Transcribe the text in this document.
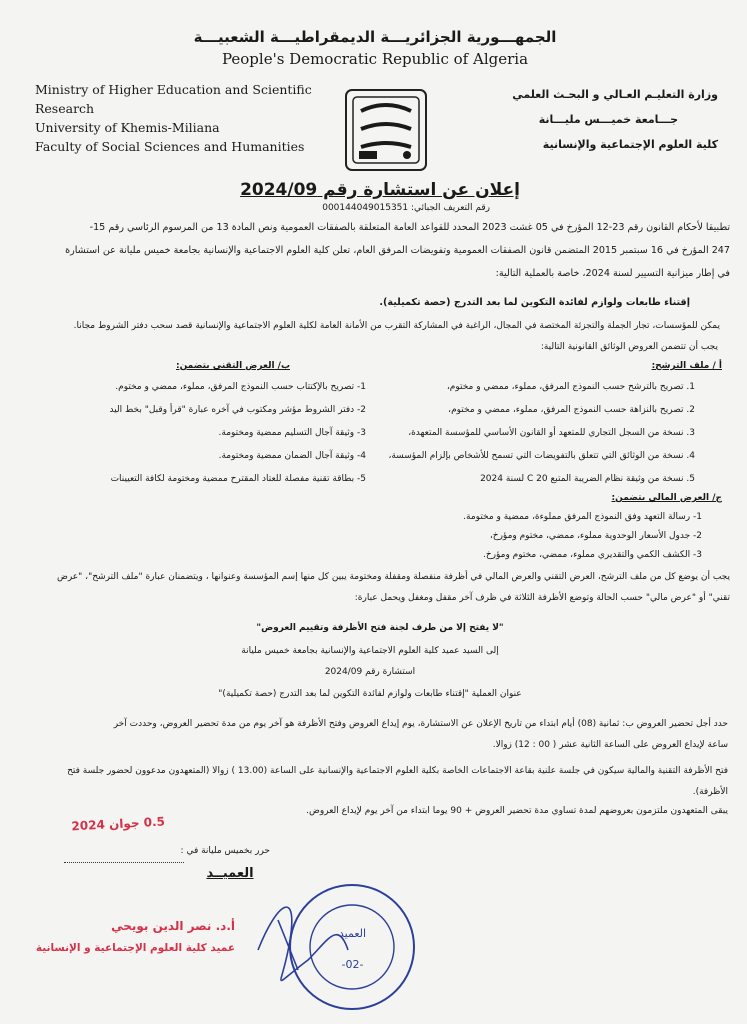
الجمهـــورية الجزائريـــة الديمقراطيـــة الشعبيـــة
People's Democratic Republic of Algeria
Ministry of Higher Education and Scientific
Research
University of Khemis-Miliana
Faculty of Social Sciences and Humanities
وزارة التعليـم العـالي و البحـث العلمي
جـــامعة خميـــس مليـــانة
كلية العلوم الإجتماعية والإنسانية
إعلان عن استشارة رقم 2024/09
رقم التعريف الجبائي: 000144049015351
تطبيقا لأحكام القانون رقم 23-12 المؤرخ في 05 غشت 2023 المحدد للقواعد العامة المتعلقة بالصفقات العمومية ونص المادة 13 من المرسوم الرئاسي رقم 15-
247 المؤرخ في 16 سبتمبر 2015 المتضمن قانون الصفقات العمومية وتفويضات المرفق العام، تعلن كلية العلوم الاجتماعية والإنسانية بجامعة خميس مليانة عن استشارة
في إطار ميزانية التسيير لسنة 2024، خاصة بالعملية التالية:
إقتناء طابعات ولوازم لفائدة التكوين لما بعد التدرج (حصة تكميلية).
يمكن للمؤسسات، تجار الجملة والتجزئة المختصة في المجال، الراغبة في المشاركة التقرب من الأمانة العامة لكلية العلوم الاجتماعية والإنسانية قصد سحب دفتر الشروط مجانا.
يجب أن تتضمن العروض الوثائق القانونية التالية:
أ / ملف الترشح:
1. تصريح بالترشح حسب النموذج المرفق، مملوء، ممضي و مختوم،
2. تصريح بالنزاهة حسب النموذج المرفق، مملوء، ممضي و مختوم،
3. نسخة من السجل التجاري للمتعهد أو القانون الأساسي للمؤسسة المتعهدة،
4. نسخة من الوثائق التي تتعلق بالتفويضات التي تسمح للأشخاص بإلزام المؤسسة،
5. نسخة من وثيقة نظام الضريبة المتبع C 20 لسنة 2024
ب/ العرض التقني يتضمن:
1- تصريح بالإكتتاب حسب النموذج المرفق، مملوء، ممضي و مختوم.
2- دفتر الشروط مؤشر ومكتوب في آخره عبارة "قرأ وقبل" بخط اليد
3- وثيقة آجال التسليم ممضية ومختومة.
4- وثيقة آجال الضمان ممضية ومختومة.
5- بطاقة تقنية مفصلة للعتاد المقترح ممضية ومختومة لكافة التعيينات
ج/ العرض المالي يتضمن:
1- رسالة التعهد وفق النموذج المرفق مملوءة، ممضية و مختومة.
2- جدول الأسعار الوحدوية مملوء، ممضي، مختوم ومؤرخ،
3- الكشف الكمي والتقديري مملوء، ممضي، مختوم ومؤرخ.
يجب أن يوضع كل من ملف الترشح، العرض التقني والعرض المالي في أظرفة منفصلة ومقفلة ومختومة يبين كل منها إسم المؤسسة وعنوانها ، ويتضمنان عبارة "ملف الترشح"، "عرض
تقني" أو "عرض مالي" حسب الحالة وتوضع الأظرفة الثلاثة في ظرف آخر مقفل ومغفل ويحمل عبارة:
"لا يفتح إلا من طرف لجنة فتح الأظرفة وتقييم العروض"
إلى السيد عميد كلية العلوم الاجتماعية والإنسانية بجامعة خميس مليانة
استشارة رقم 2024/09
عنوان العملية "إقتناء طابعات ولوازم لفائدة التكوين لما بعد التدرج (حصة تكميلية)"
حدد أجل تحضير العروض ب: ثمانية (08) أيام ابتداء من تاريخ الإعلان عن الاستشارة، يوم إيداع العروض وفتح الأظرفة هو آخر يوم من مدة تحضير العروض، وحددت آخر
ساعة لإيداع العروض على الساعة الثانية عشر ( 00 : 12) زوالا.
فتح الأظرفة التقنية والمالية سيكون في جلسة علنية بقاعة الاجتماعات الخاصة بكلية العلوم الاجتماعية والإنسانية على الساعة (13.00 ) زوالا (المتعهدون مدعوون لحضور جلسة فتح
الأظرفة).
يبقى المتعهدون ملتزمون بعروضهم لمدة تساوي مدة تحضير العروض + 90 يوما ابتداء من آخر يوم لإيداع العروض.
0.5 جوان 2024
حرر بخميس مليانة في :
العميــد
أ.د. نصر الدين بويحي
عميد كلية العلوم الإجتماعية و الإنسانية
العميد
-02-
